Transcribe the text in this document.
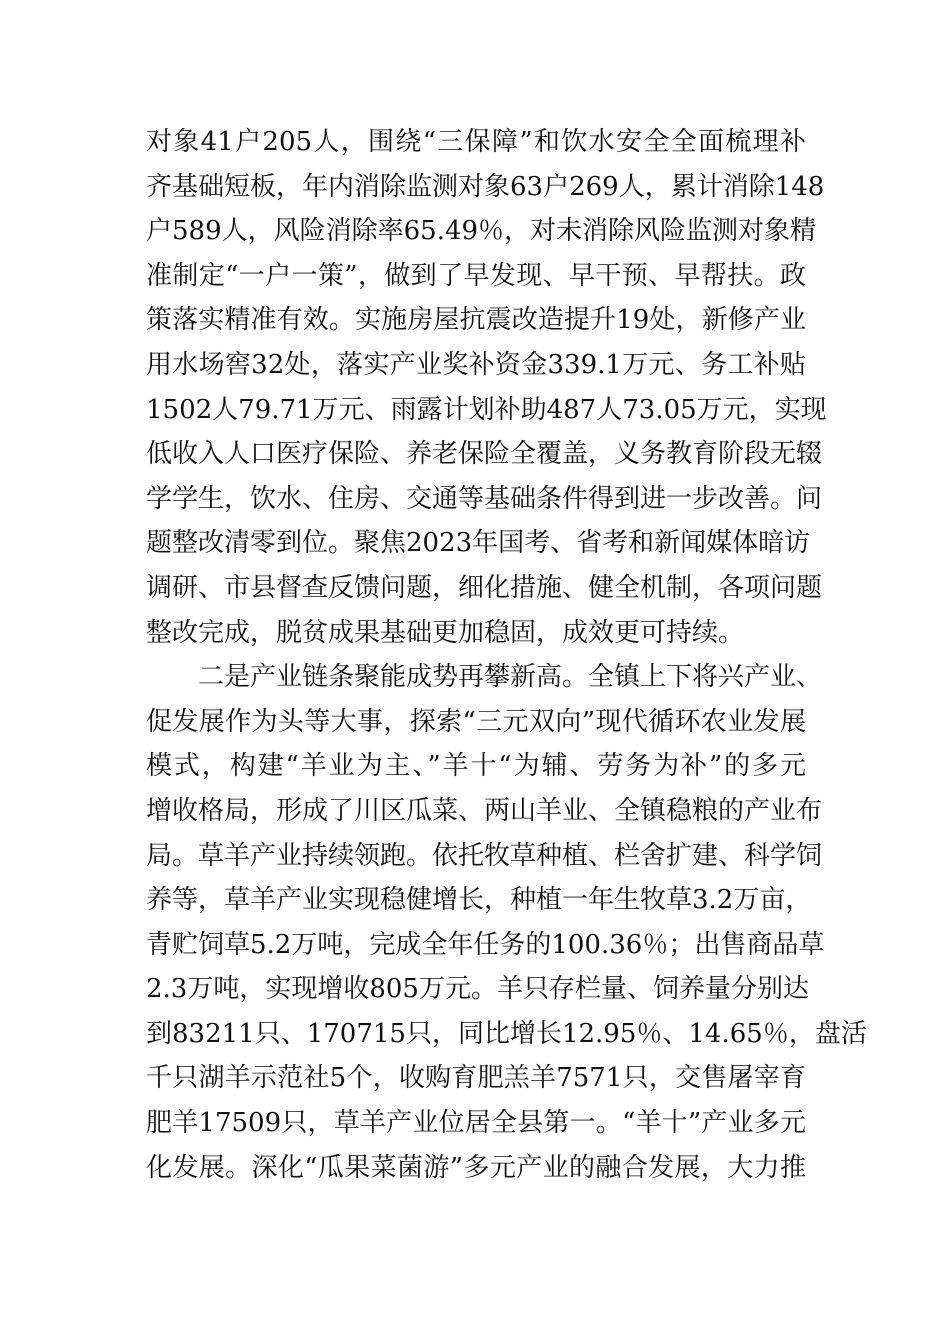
对象41户205人，围绕“三保障”和饮水安全全面梳理补
齐基础短板，年内消除监测对象63户269人，累计消除148
户589人，风险消除率65.49％，对未消除风险监测对象精
准制定“一户一策”，做到了早发现、早干预、早帮扶。政
策落实精准有效。实施房屋抗震改造提升19处，新修产业
用水场窖32处，落实产业奖补资金339.1万元、务工补贴
1502人79.71万元、雨露计划补助487人73.05万元，实现
低收入人口医疗保险、养老保险全覆盖，义务教育阶段无辍
学学生，饮水、住房、交通等基础条件得到进一步改善。问
题整改清零到位。聚焦2023年国考、省考和新闻媒体暗访
调研、市县督查反馈问题，细化措施、健全机制，各项问题
整改完成，脱贫成果基础更加稳固，成效更可持续。
二是产业链条聚能成势再攀新高。全镇上下将兴产业、
促发展作为头等大事，探索“三元双向”现代循环农业发展
模式，构建“羊业为主、”羊十“为辅、劳务为补”的多元
增收格局，形成了川区瓜菜、两山羊业、全镇稳粮的产业布
局。草羊产业持续领跑。依托牧草种植、栏舍扩建、科学饲
养等，草羊产业实现稳健增长，种植一年生牧草3.2万亩，
青贮饲草5.2万吨，完成全年任务的100.36％；出售商品草
2.3万吨，实现增收805万元。羊只存栏量、饲养量分别达
到83211只、170715只，同比增长12.95％、14.65％，盘活
千只湖羊示范社5个，收购育肥羔羊7571只，交售屠宰育
肥羊17509只，草羊产业位居全县第一。“羊十”产业多元
化发展。深化“瓜果菜菌游”多元产业的融合发展，大力推
